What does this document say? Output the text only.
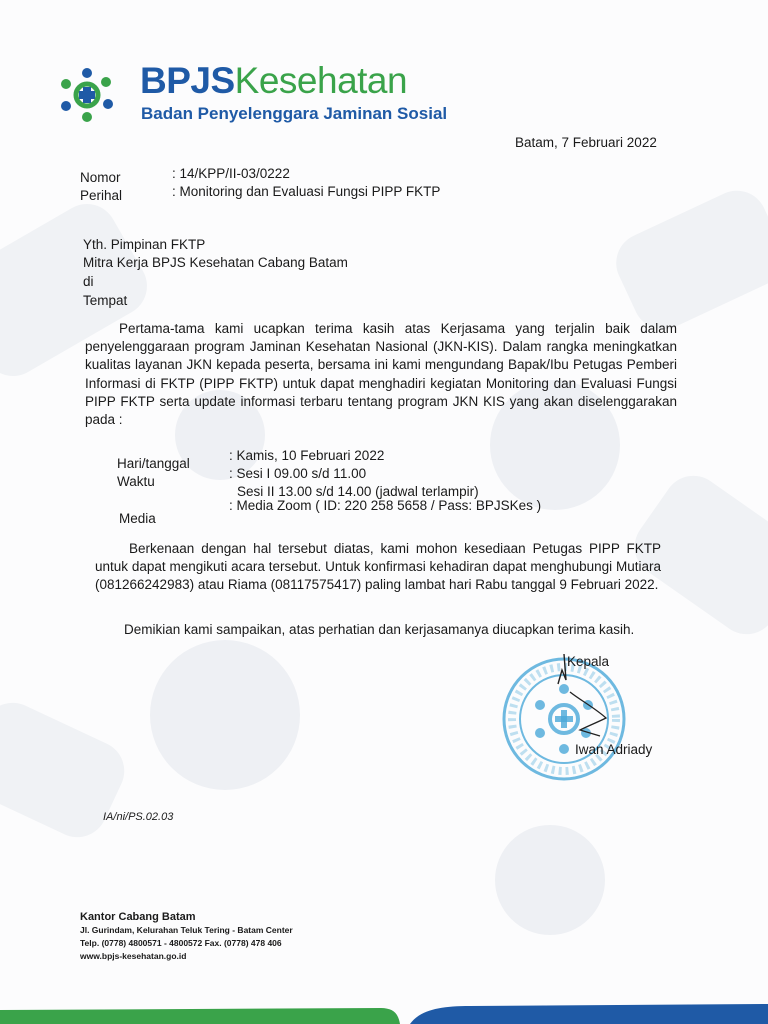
BPJSKesehatan
Badan Penyelenggara Jaminan Sosial
Batam, 7 Februari 2022
Nomor	: 14/KPP/II-03/0222
Perihal	: Monitoring dan Evaluasi Fungsi PIPP FKTP
Yth. Pimpinan FKTP
Mitra Kerja BPJS Kesehatan Cabang Batam
di
Tempat
Pertama-tama kami ucapkan terima kasih atas Kerjasama yang terjalin baik dalam penyelenggaraan program Jaminan Kesehatan Nasional (JKN-KIS). Dalam rangka meningkatkan kualitas layanan JKN kepada peserta, bersama ini kami mengundang Bapak/Ibu Petugas Pemberi Informasi di FKTP (PIPP FKTP) untuk dapat menghadiri kegiatan Monitoring dan Evaluasi Fungsi PIPP FKTP serta update informasi terbaru tentang program JKN KIS yang akan diselenggarakan pada :
Hari/tanggal
: Kamis, 10 Februari 2022
Waktu
: Sesi I 09.00 s/d 11.00
Sesi II 13.00 s/d 14.00 (jadwal terlampir)
Media
: Media Zoom ( ID: 220 258 5658 / Pass: BPJSKes )
Berkenaan dengan hal tersebut diatas, kami mohon kesediaan Petugas PIPP FKTP untuk dapat mengikuti acara tersebut. Untuk konfirmasi kehadiran dapat menghubungi Mutiara (081266242983) atau Riama (08117575417) paling lambat hari Rabu tanggal 9 Februari 2022.
Demikian kami sampaikan, atas perhatian dan kerjasamanya diucapkan terima kasih.
Kepala
Iwan Adriady
IA/ni/PS.02.03
Kantor Cabang Batam
Jl. Gurindam, Kelurahan Teluk Tering - Batam Center
Telp. (0778) 4800571 - 4800572 Fax. (0778) 478 406
www.bpjs-kesehatan.go.id
